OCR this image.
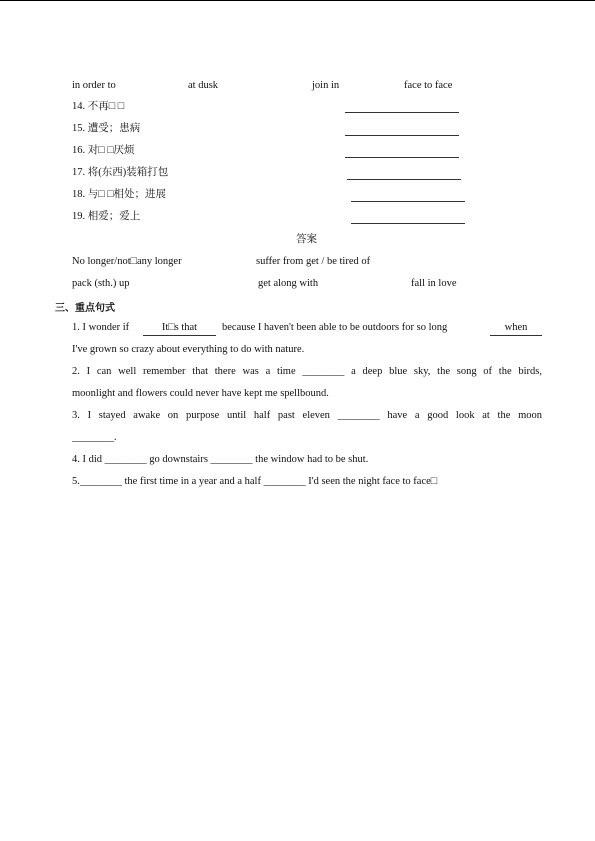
in order to	at dusk	join in	face to face
14. 不再□ □
15. 遭受；患病
16. 对□ □厌烦
17. 将(东西)装箱打包
18. 与□ □相处；进展
19. 相爱；爱上
答案
No longer/not□any longer	suffer from get / be tired of
pack (sth.) up	get along with	fall in love
三、重点句式
1. I wonder if	It□s that	because I haven't been able to be outdoors for so long	when
I've grown so crazy about everything to do with nature.
2. I can well remember that there was a time ________ a deep blue sky, the song of the birds,
moonlight and flowers could never have kept me spellbound.
3. I stayed awake on purpose until half past eleven ________ have a good look at the moon
________.
4. I did ________ go downstairs ________ the window had to be shut.
5.________ the first time in a year and a half ________ I'd seen the night face to face□
